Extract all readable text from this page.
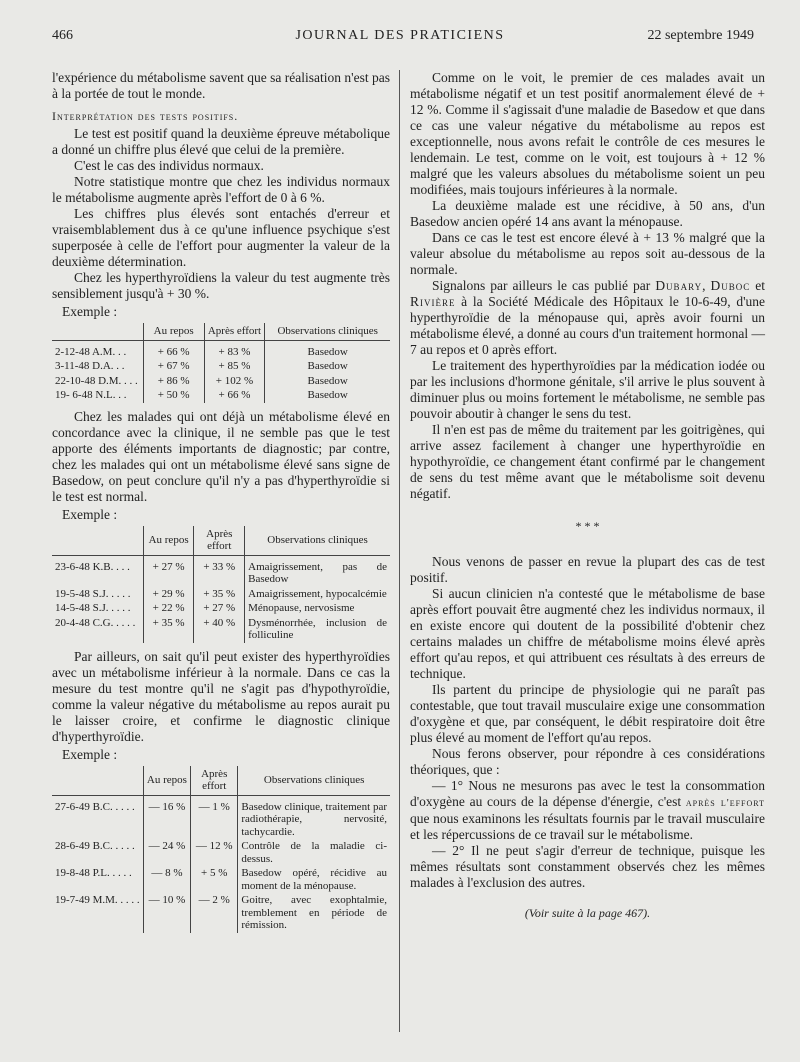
466	JOURNAL DES PRATICIENS	22 septembre 1949

l'expérience du métabolisme savent que sa réalisation n'est pas à la portée de tout le monde.

Interprétation des tests positifs.

Le test est positif quand la deuxième épreuve métabolique a donné un chiffre plus élevé que celui de la première.

C'est le cas des individus normaux.

Notre statistique montre que chez les individus normaux le métabolisme augmente après l'effort de 0 à 6 %.

Les chiffres plus élevés sont entachés d'erreur et vraisemblablement dus à ce qu'une influence psychique s'est superposée à celle de l'effort pour augmenter la valeur de la deuxième détermination.

Chez les hyperthyroïdiens la valeur du test augmente très sensiblement jusqu'à + 30 %.

Exemple :

	Au repos	Après effort	Observations cliniques

2-12-48 A.M. . .	+ 66 %	+ 83 %	Basedow
3-11-48 D.A. . .	+ 67 %	+ 85 %	Basedow
22-10-48 D.M. . . .	+ 86 %	+ 102 %	Basedow
19- 6-48 N.L. . .	+ 50 %	+ 66 %	Basedow

Chez les malades qui ont déjà un métabolisme élevé en concordance avec la clinique, il ne semble pas que le test apporte des éléments importants de diagnostic; par contre, chez les malades qui ont un métabolisme élevé sans signe de Basedow, on peut conclure qu'il n'y a pas d'hyperthyroïdie si le test est normal.

Exemple :

	Au repos	Après effort	Observations cliniques

23-6-48 K.B. . . .	+ 27 %	+ 33 %	Amaigrissement, pas de Basedow
19-5-48 S.J. . . . .	+ 29 %	+ 35 %	Amaigrissement, hypocalcémie
14-5-48 S.J. . . . .	+ 22 %	+ 27 %	Ménopause, nervosisme
20-4-48 C.G. . . . .	+ 35 %	+ 40 %	Dysménorrhée, inclusion de folliculine

Par ailleurs, on sait qu'il peut exister des hyperthyroïdies avec un métabolisme inférieur à la normale. Dans ce cas la mesure du test montre qu'il ne s'agit pas d'hypothyroïdie, comme la valeur négative du métabolisme au repos aurait pu le laisser croire, et confirme le diagnostic clinique d'hyperthyroïdie.

Exemple :

	Au repos	Après effort	Observations cliniques

27-6-49 B.C. . . . .	— 16 %	— 1 %	Basedow clinique, traitement par radiothérapie, nervosité, tachycardie.
28-6-49 B.C. . . . .	— 24 %	— 12 %	Contrôle de la maladie ci-dessus.
19-8-48 P.L. . . . .	— 8 %	+ 5 %	Basedow opéré, récidive au moment de la ménopause.
19-7-49 M.M. . . . .	— 10 %	— 2 %	Goitre, avec exophtalmie, tremblement en période de rémission.

Comme on le voit, le premier de ces malades avait un métabolisme négatif et un test positif anormalement élevé de + 12 %. Comme il s'agissait d'une maladie de Basedow et que dans ce cas une valeur négative du métabolisme au repos est exceptionnelle, nous avons refait le contrôle de ces mesures le lendemain. Le test, comme on le voit, est toujours à + 12 % malgré que les valeurs absolues du métabolisme soient un peu modifiées, mais toujours inférieures à la normale.

La deuxième malade est une récidive, à 50 ans, d'un Basedow ancien opéré 14 ans avant la ménopause.

Dans ce cas le test est encore élevé à + 13 % malgré que la valeur absolue du métabolisme au repos soit au-dessous de la normale.

Signalons par ailleurs le cas publié par Dubary, Duboc et Rivière à la Société Médicale des Hôpitaux le 10-6-49, d'une hyperthyroïdie de la ménopause qui, après avoir fourni un métabolisme élevé, a donné au cours d'un traitement hormonal — 7 au repos et 0 après effort.

Le traitement des hyperthyroïdies par la médication iodée ou par les inclusions d'hormone génitale, s'il arrive le plus souvent à diminuer plus ou moins fortement le métabolisme, ne semble pas pouvoir aboutir à changer le sens du test.

Il n'en est pas de même du traitement par les goitrigènes, qui arrive assez facilement à changer une hyperthyroïdie en hypothyroïdie, ce changement étant confirmé par le changement de sens du test même avant que le métabolisme soit devenu négatif.

* * *

Nous venons de passer en revue la plupart des cas de test positif.

Si aucun clinicien n'a contesté que le métabolisme de base après effort pouvait être augmenté chez les individus normaux, il en existe encore qui doutent de la possibilité d'obtenir chez certains malades un chiffre de métabolisme moins élevé après effort qu'au repos, et qui attribuent ces résultats à des erreurs de technique.

Ils partent du principe de physiologie qui ne paraît pas contestable, que tout travail musculaire exige une consommation d'oxygène et que, par conséquent, le débit respiratoire doit être plus élevé au moment de l'effort qu'au repos.

Nous ferons observer, pour répondre à ces considérations théoriques, que :

— 1° Nous ne mesurons pas avec le test la consommation d'oxygène au cours de la dépense d'énergie, c'est après l'effort que nous examinons les résultats fournis par le travail musculaire et les répercussions de ce travail sur le métabolisme.

— 2° Il ne peut s'agir d'erreur de technique, puisque les mêmes résultats sont constamment observés chez les mêmes malades à l'exclusion des autres.

(Voir suite à la page 467).
